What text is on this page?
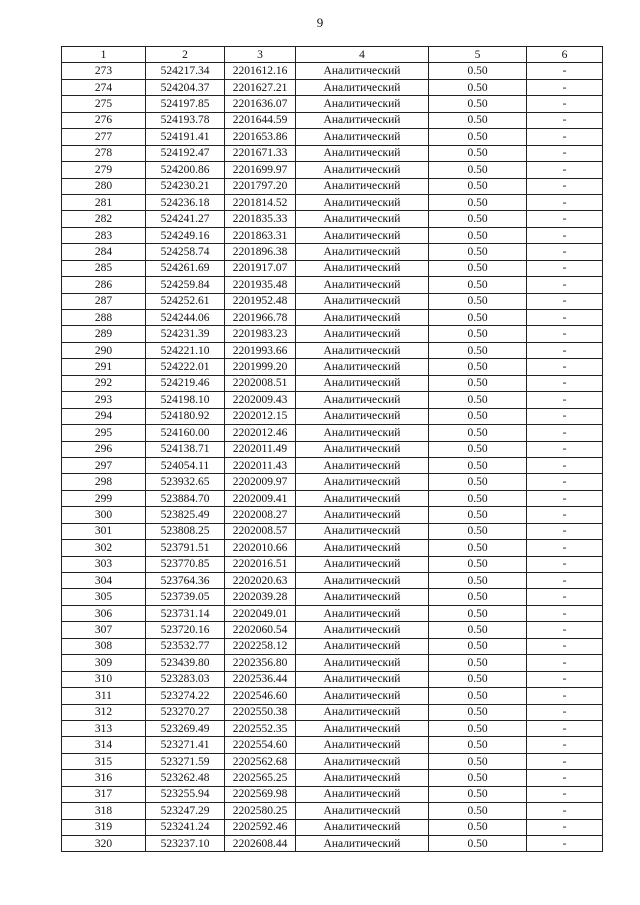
9
1	2	3	4	5	6
273	524217.34	2201612.16	Аналитический	0.50	-
274	524204.37	2201627.21	Аналитический	0.50	-
275	524197.85	2201636.07	Аналитический	0.50	-
276	524193.78	2201644.59	Аналитический	0.50	-
277	524191.41	2201653.86	Аналитический	0.50	-
278	524192.47	2201671.33	Аналитический	0.50	-
279	524200.86	2201699.97	Аналитический	0.50	-
280	524230.21	2201797.20	Аналитический	0.50	-
281	524236.18	2201814.52	Аналитический	0.50	-
282	524241.27	2201835.33	Аналитический	0.50	-
283	524249.16	2201863.31	Аналитический	0.50	-
284	524258.74	2201896.38	Аналитический	0.50	-
285	524261.69	2201917.07	Аналитический	0.50	-
286	524259.84	2201935.48	Аналитический	0.50	-
287	524252.61	2201952.48	Аналитический	0.50	-
288	524244.06	2201966.78	Аналитический	0.50	-
289	524231.39	2201983.23	Аналитический	0.50	-
290	524221.10	2201993.66	Аналитический	0.50	-
291	524222.01	2201999.20	Аналитический	0.50	-
292	524219.46	2202008.51	Аналитический	0.50	-
293	524198.10	2202009.43	Аналитический	0.50	-
294	524180.92	2202012.15	Аналитический	0.50	-
295	524160.00	2202012.46	Аналитический	0.50	-
296	524138.71	2202011.49	Аналитический	0.50	-
297	524054.11	2202011.43	Аналитический	0.50	-
298	523932.65	2202009.97	Аналитический	0.50	-
299	523884.70	2202009.41	Аналитический	0.50	-
300	523825.49	2202008.27	Аналитический	0.50	-
301	523808.25	2202008.57	Аналитический	0.50	-
302	523791.51	2202010.66	Аналитический	0.50	-
303	523770.85	2202016.51	Аналитический	0.50	-
304	523764.36	2202020.63	Аналитический	0.50	-
305	523739.05	2202039.28	Аналитический	0.50	-
306	523731.14	2202049.01	Аналитический	0.50	-
307	523720.16	2202060.54	Аналитический	0.50	-
308	523532.77	2202258.12	Аналитический	0.50	-
309	523439.80	2202356.80	Аналитический	0.50	-
310	523283.03	2202536.44	Аналитический	0.50	-
311	523274.22	2202546.60	Аналитический	0.50	-
312	523270.27	2202550.38	Аналитический	0.50	-
313	523269.49	2202552.35	Аналитический	0.50	-
314	523271.41	2202554.60	Аналитический	0.50	-
315	523271.59	2202562.68	Аналитический	0.50	-
316	523262.48	2202565.25	Аналитический	0.50	-
317	523255.94	2202569.98	Аналитический	0.50	-
318	523247.29	2202580.25	Аналитический	0.50	-
319	523241.24	2202592.46	Аналитический	0.50	-
320	523237.10	2202608.44	Аналитический	0.50	-
